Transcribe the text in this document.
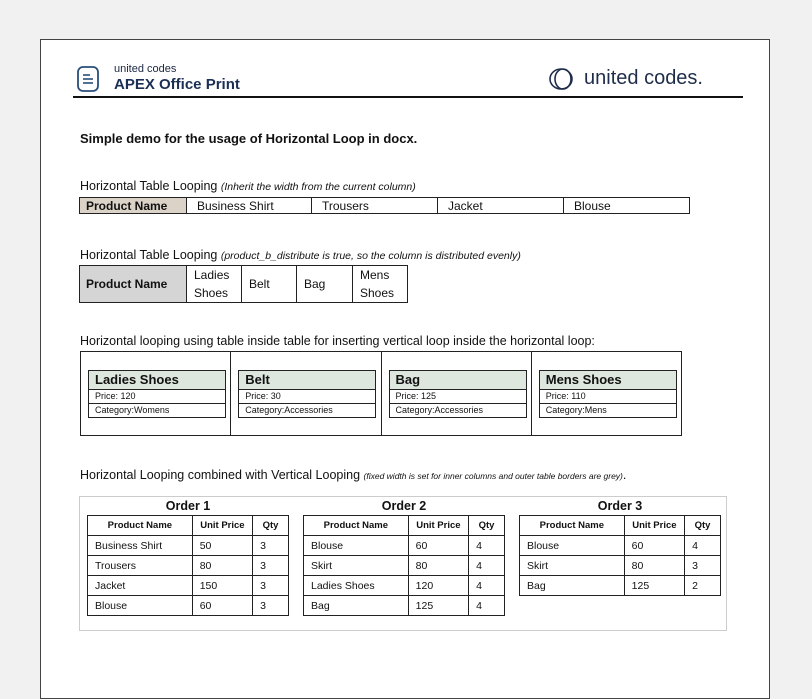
united codes
APEX Office Print	united codes.
Simple demo for the usage of Horizontal Loop in docx.
Horizontal Table Looping (Inherit the width from the current column)
Product Name	Business Shirt	Trousers	Jacket	Blouse
Horizontal Table Looping (product_b_distribute is true, so the column is distributed evenly)
Product Name	Ladies
Shoes	Belt	Bag	Mens
Shoes
Horizontal looping using table inside table for inserting vertical loop inside the horizontal loop:
Ladies Shoes
Price: 120
Category:Womens
Belt
Price: 30
Category:Accessories
Bag
Price: 125
Category:Accessories
Mens Shoes
Price: 110
Category:Mens
Horizontal Looping combined with Vertical Looping (fixed width is set for inner columns and outer table borders are grey).
Order 1
Product Name	Unit Price	Qty
Business Shirt	50	3
Trousers	80	3
Jacket	150	3
Blouse	60	3
Order 2
Product Name	Unit Price	Qty
Blouse	60	4
Skirt	80	4
Ladies Shoes	120	4
Bag	125	4
Order 3
Product Name	Unit Price	Qty
Blouse	60	4
Skirt	80	3
Bag	125	2
